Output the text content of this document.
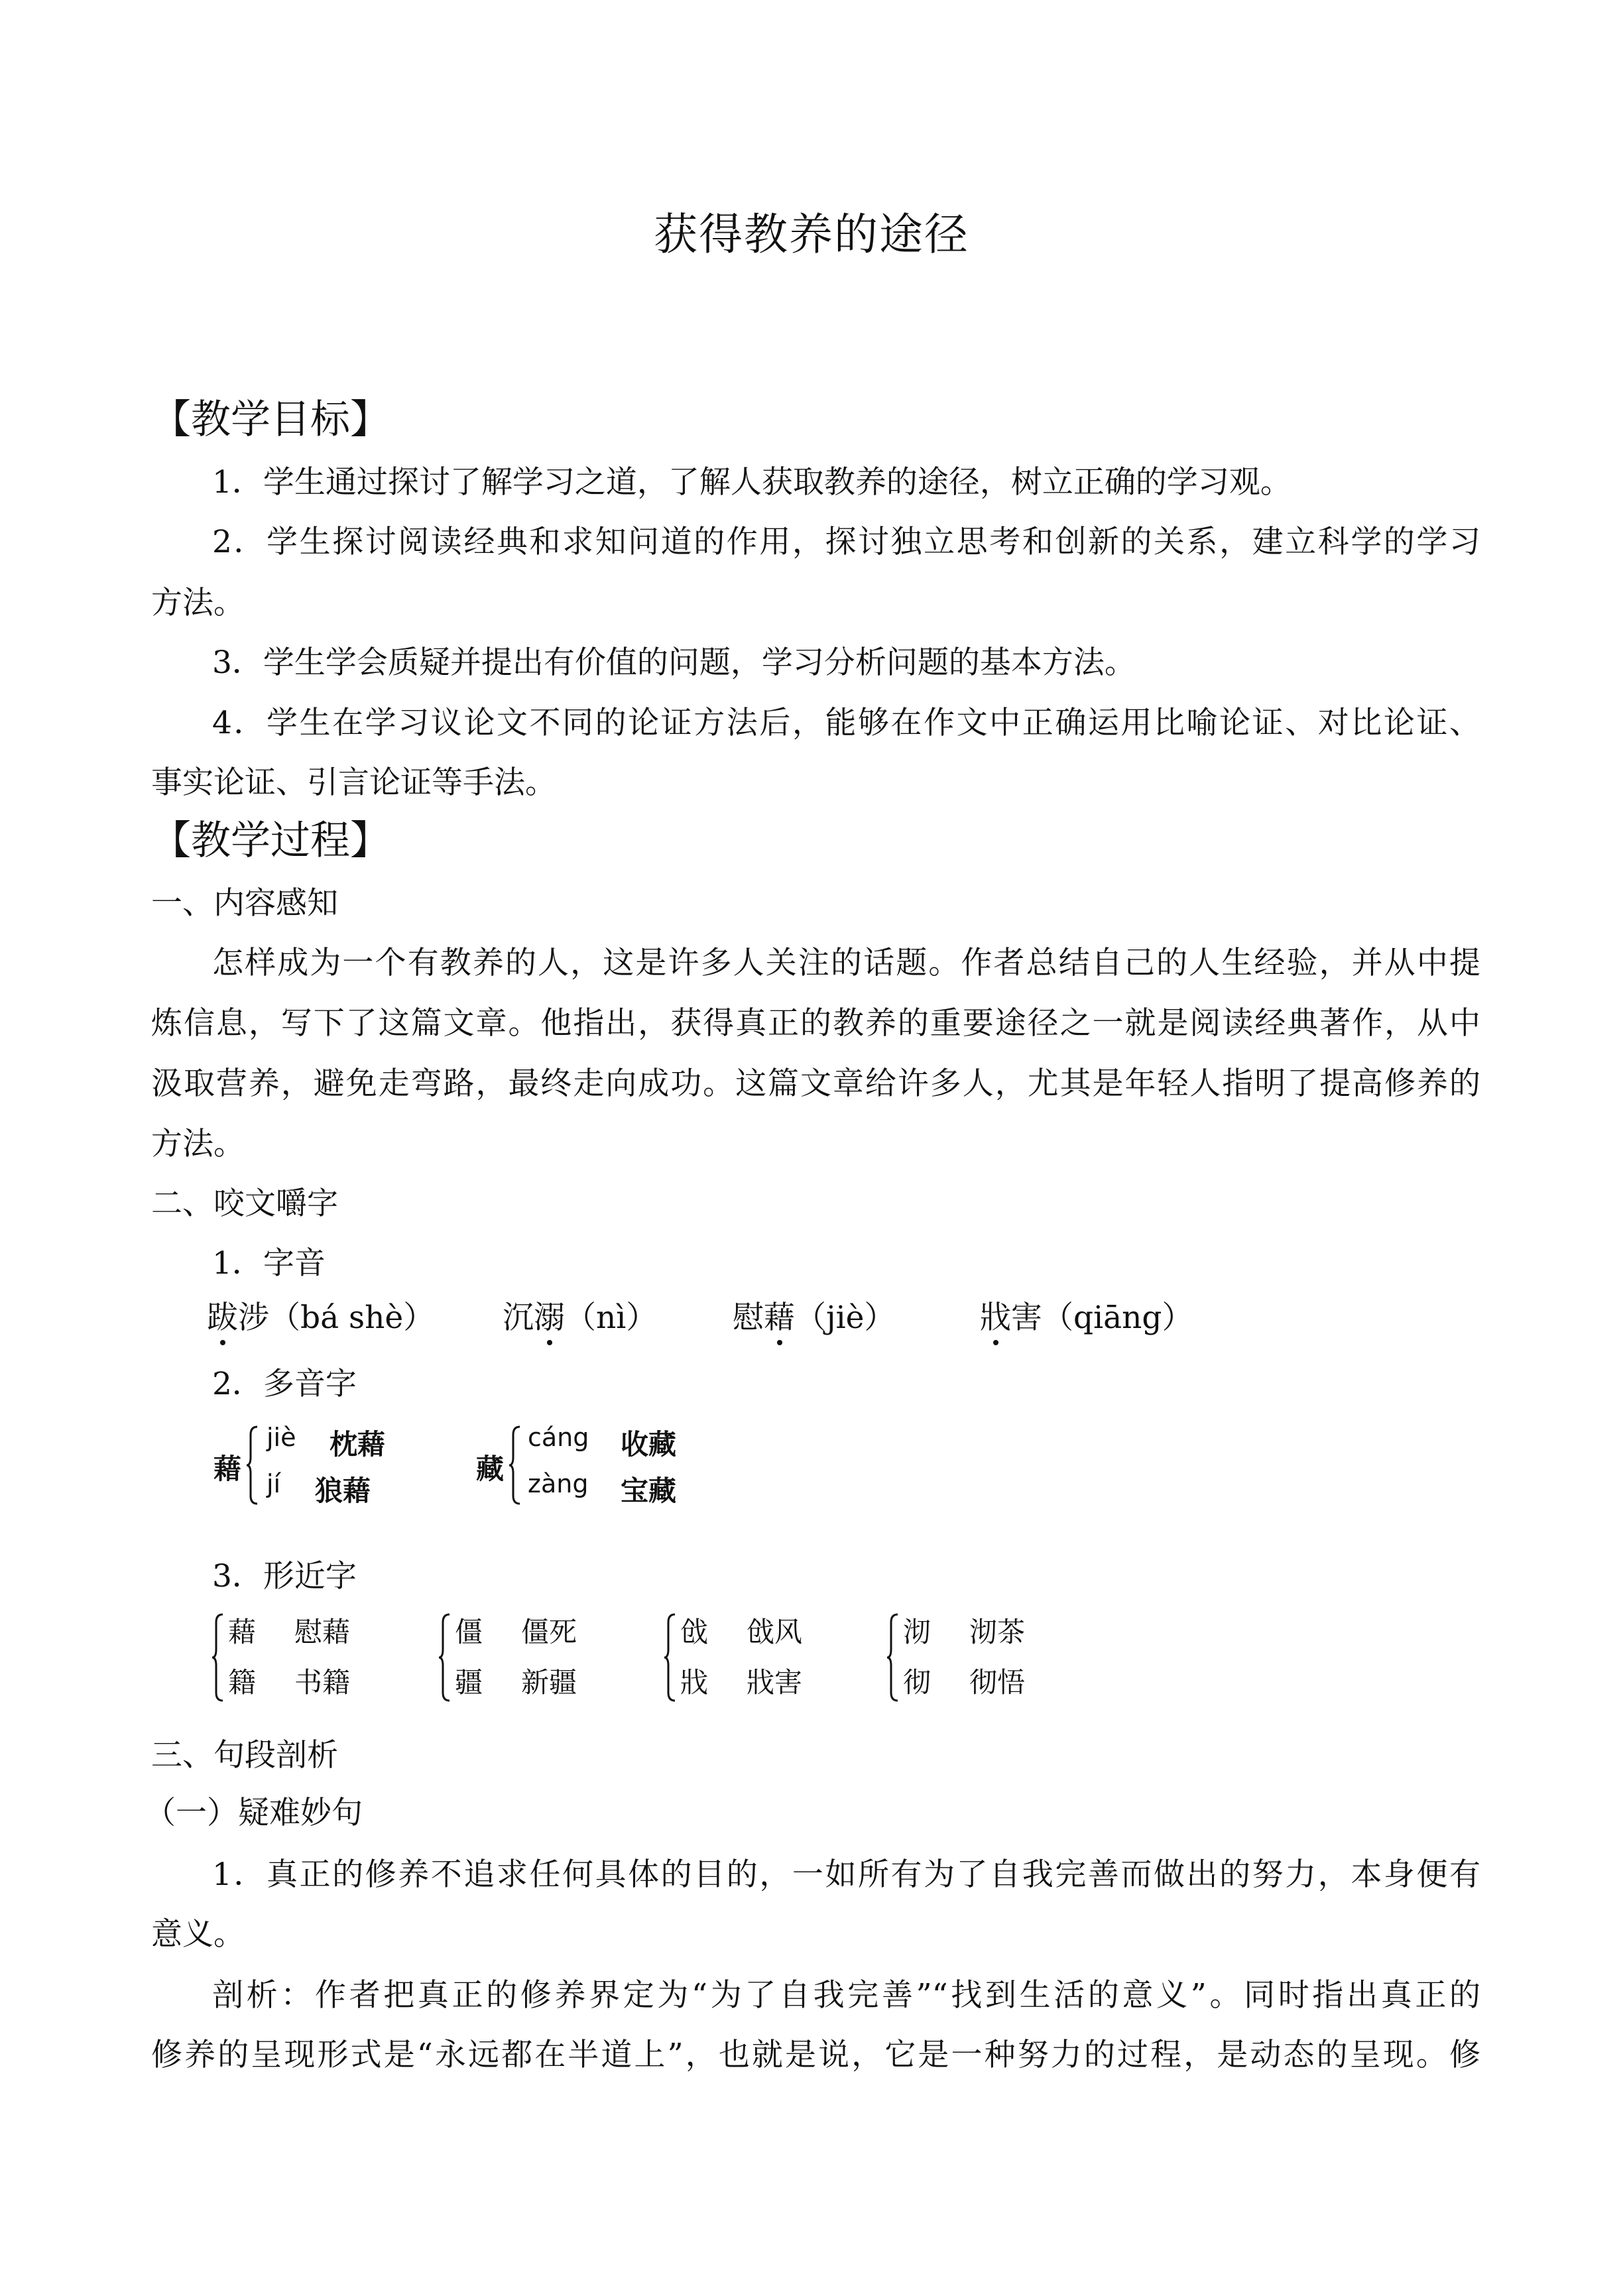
获得教养的途径
【教学目标】
1．学生通过探讨了解学习之道，了解人获取教养的途径，树立正确的学习观。
2．学生探讨阅读经典和求知问道的作用，探讨独立思考和创新的关系，建立科学的学习
方法。
3．学生学会质疑并提出有价值的问题，学习分析问题的基本方法。
4．学生在学习议论文不同的论证方法后，能够在作文中正确运用比喻论证、对比论证、
事实论证、引言论证等手法。
【教学过程】
一、内容感知
怎样成为一个有教养的人，这是许多人关注的话题。作者总结自己的人生经验，并从中提
炼信息，写下了这篇文章。他指出，获得真正的教养的重要途径之一就是阅读经典著作，从中
汲取营养，避免走弯路，最终走向成功。这篇文章给许多人，尤其是年轻人指明了提高修养的
方法。
二、咬文嚼字
1．字音
跋涉（bá shè） 沉溺（nì） 慰藉（jiè）	戕害（qiāng）
2．多音字
藉
jiè 枕藉
jí 狼藉
藏
cáng 收藏
zàng 宝藏
3．形近字
藉 慰藉
籍 书籍
僵 僵死
疆 新疆
戗 戗风
戕 戕害
沏 沏茶
彻 彻悟
三、句段剖析
（一）疑难妙句
1．真正的修养不追求任何具体的目的，一如所有为了自我完善而做出的努力，本身便有
意义。
剖析：作者把真正的修养界定为“为了自我完善”“找到生活的意义”。同时指出真正的
修养的呈现形式是“永远都在半道上”，也就是说，它是一种努力的过程，是动态的呈现。修
